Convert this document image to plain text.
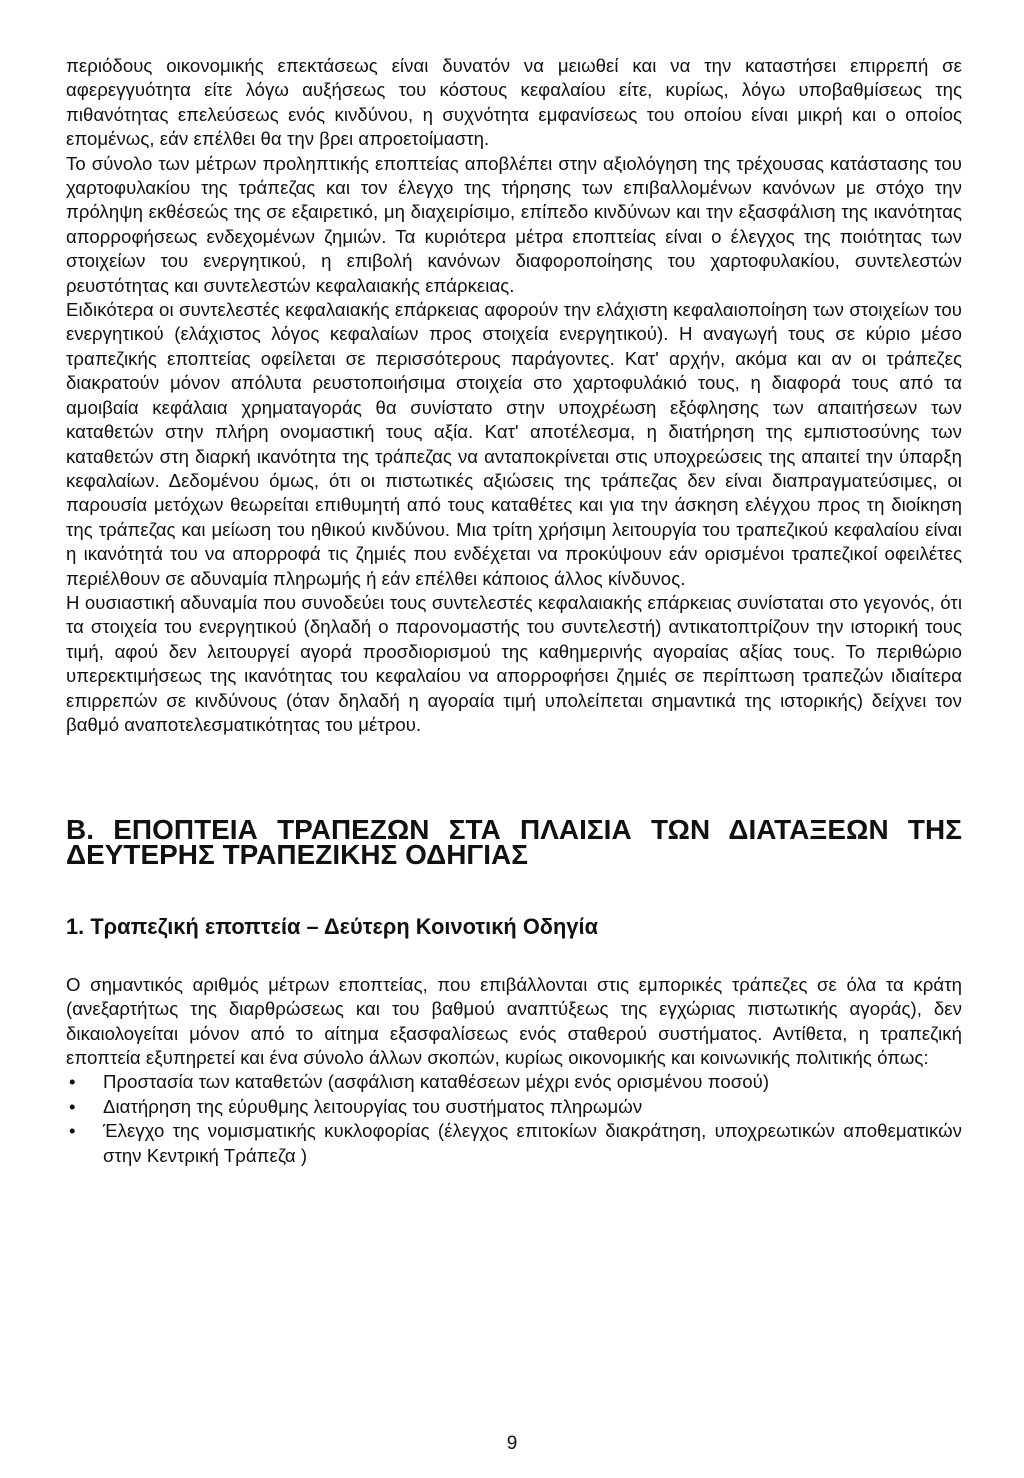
περιόδους οικονομικής επεκτάσεως είναι δυνατόν να μειωθεί και να την καταστήσει επιρρεπή σε αφερεγγυότητα είτε λόγω αυξήσεως του κόστους κεφαλαίου είτε, κυρίως, λόγω υποβαθμίσεως της πιθανότητας επελεύσεως ενός κινδύνου, η συχνότητα εμφανίσεως του οποίου είναι μικρή και ο οποίος επομένως, εάν επέλθει θα την βρει απροετοίμαστη.

Το σύνολο των μέτρων προληπτικής εποπτείας αποβλέπει στην αξιολόγηση της τρέχουσας κατάστασης του χαρτοφυλακίου της τράπεζας και τον έλεγχο της τήρησης των επιβαλλομένων κανόνων με στόχο την πρόληψη εκθέσεώς της σε εξαιρετικό, μη διαχειρίσιμο, επίπεδο κινδύνων και την εξασφάλιση της ικανότητας απορροφήσεως ενδεχομένων ζημιών. Τα κυριότερα μέτρα εποπτείας είναι ο έλεγχος της ποιότητας των στοιχείων του ενεργητικού, η επιβολή κανόνων διαφοροποίησης του χαρτοφυλακίου, συντελεστών ρευστότητας και συντελεστών κεφαλαιακής επάρκειας.

Ειδικότερα οι συντελεστές κεφαλαιακής επάρκειας αφορούν την ελάχιστη κεφαλαιοποίηση των στοιχείων του ενεργητικού (ελάχιστος λόγος κεφαλαίων προς στοιχεία ενεργητικού). Η αναγωγή τους σε κύριο μέσο τραπεζικής εποπτείας οφείλεται σε περισσότερους παράγοντες. Κατ' αρχήν, ακόμα και αν οι τράπεζες διακρατούν μόνον απόλυτα ρευστοποιήσιμα στοιχεία στο χαρτοφυλάκιό τους, η διαφορά τους από τα αμοιβαία κεφάλαια χρηματαγοράς θα συνίστατο στην υποχρέωση εξόφλησης των απαιτήσεων των καταθετών στην πλήρη ονομαστική τους αξία. Κατ' αποτέλεσμα, η διατήρηση της εμπιστοσύνης των καταθετών στη διαρκή ικανότητα της τράπεζας να ανταποκρίνεται στις υποχρεώσεις της απαιτεί την ύπαρξη κεφαλαίων. Δεδομένου όμως, ότι οι πιστωτικές αξιώσεις της τράπεζας δεν είναι διαπραγματεύσιμες, οι παρουσία μετόχων θεωρείται επιθυμητή από τους καταθέτες και για την άσκηση ελέγχου προς τη διοίκηση της τράπεζας και μείωση του ηθικού κινδύνου. Μια τρίτη χρήσιμη λειτουργία του τραπεζικού κεφαλαίου είναι η ικανότητά του να απορροφά τις ζημιές που ενδέχεται να προκύψουν εάν ορισμένοι τραπεζικοί οφειλέτες περιέλθουν σε αδυναμία πληρωμής ή εάν επέλθει κάποιος άλλος κίνδυνος.

Η ουσιαστική αδυναμία που συνοδεύει τους συντελεστές κεφαλαιακής επάρκειας συνίσταται στο γεγονός, ότι τα στοιχεία του ενεργητικού (δηλαδή ο παρονομαστής του συντελεστή) αντικατοπτρίζουν την ιστορική τους τιμή, αφού δεν λειτουργεί αγορά προσδιορισμού της καθημερινής αγοραίας αξίας τους. Το περιθώριο υπερεκτιμήσεως της ικανότητας του κεφαλαίου να απορροφήσει ζημιές σε περίπτωση τραπεζών ιδιαίτερα επιρρεπών σε κινδύνους (όταν δηλαδή η αγοραία τιμή υπολείπεται σημαντικά της ιστορικής) δείχνει τον βαθμό αναποτελεσματικότητας του μέτρου.

Β. ΕΠΟΠΤΕΙΑ ΤΡΑΠΕΖΩΝ ΣΤΑ ΠΛΑΙΣΙΑ ΤΩΝ ΔΙΑΤΑΞΕΩΝ ΤΗΣ ΔΕΥΤΕΡΗΣ ΤΡΑΠΕΖΙΚΗΣ ΟΔΗΓΙΑΣ
1. Τραπεζική εποπτεία – Δεύτερη Κοινοτική Οδηγία

Ο σημαντικός αριθμός μέτρων εποπτείας, που επιβάλλονται στις εμπορικές τράπεζες σε όλα τα κράτη (ανεξαρτήτως της διαρθρώσεως και του βαθμού αναπτύξεως της εγχώριας πιστωτικής αγοράς), δεν δικαιολογείται μόνον από το αίτημα εξασφαλίσεως ενός σταθερού συστήματος. Αντίθετα, η τραπεζική εποπτεία εξυπηρετεί και ένα σύνολο άλλων σκοπών, κυρίως οικονομικής και κοινωνικής πολιτικής όπως:

• Προστασία των καταθετών (ασφάλιση καταθέσεων μέχρι ενός ορισμένου ποσού)
• Διατήρηση της εύρυθμης λειτουργίας του συστήματος πληρωμών
• Έλεγχο της νομισματικής κυκλοφορίας (έλεγχος επιτοκίων διακράτηση, υποχρεωτικών αποθεματικών στην Κεντρική Τράπεζα )
9
